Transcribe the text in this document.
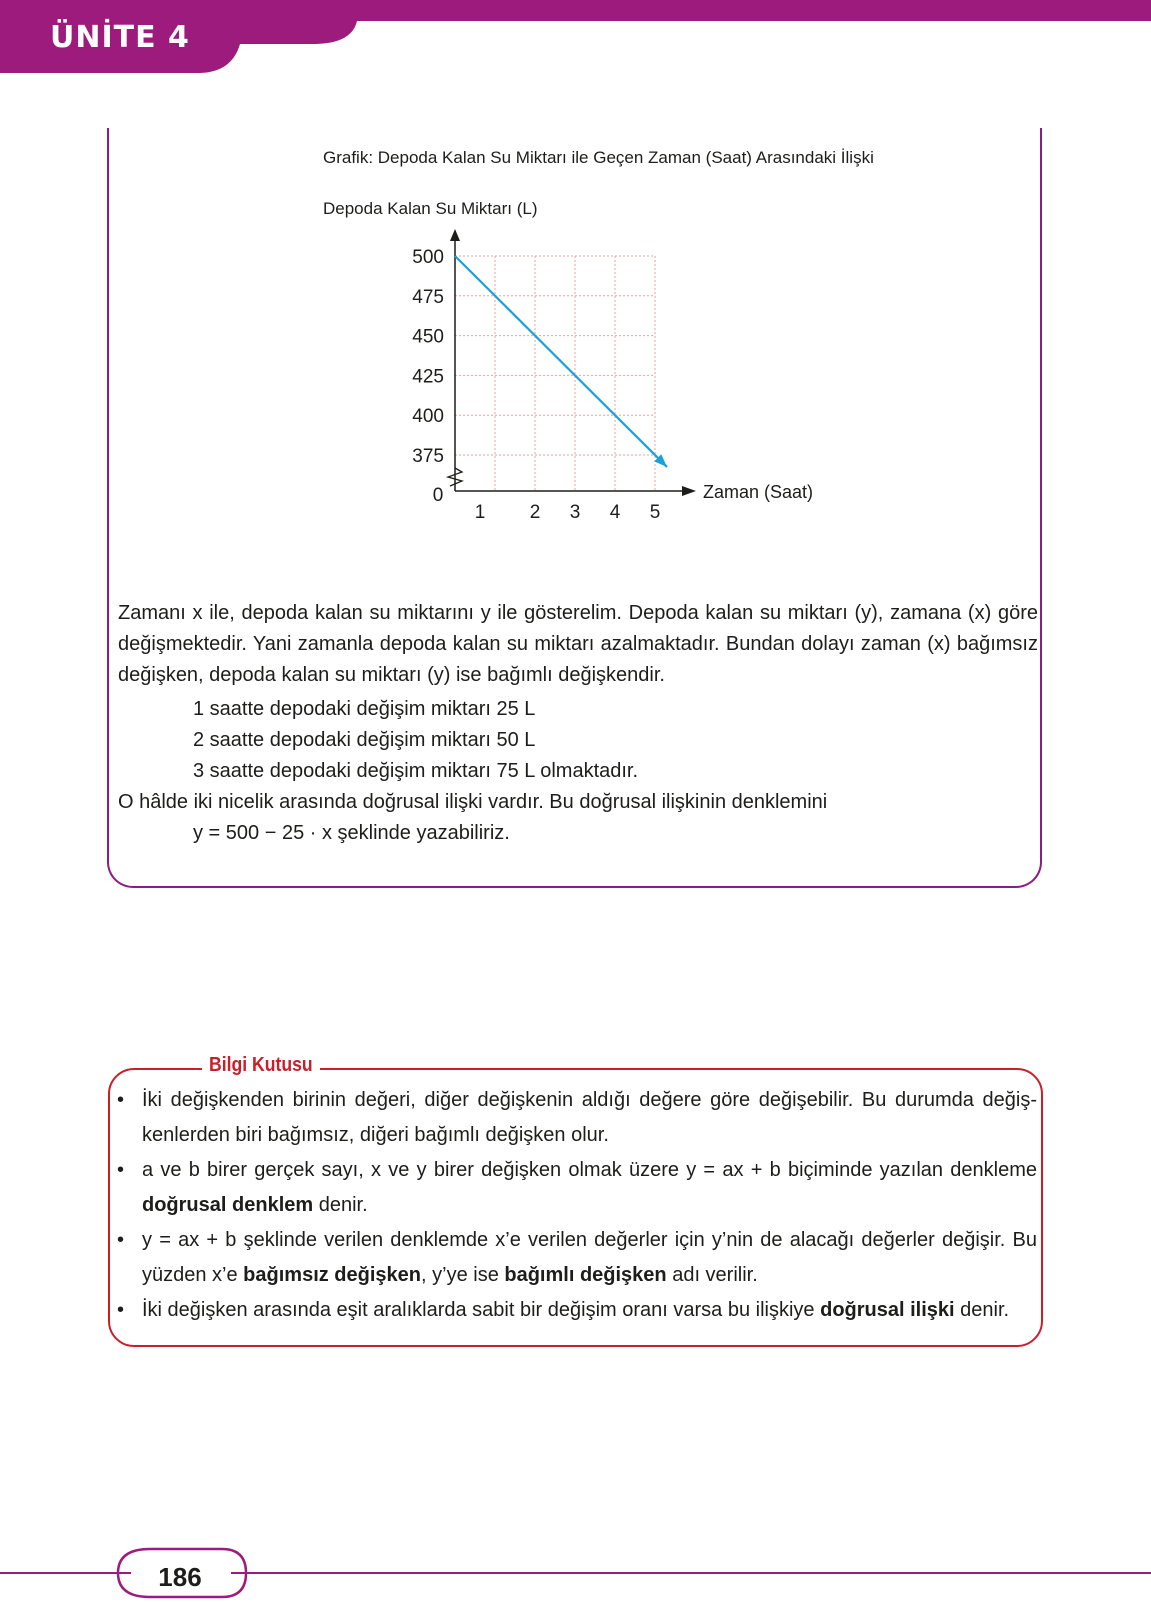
ÜNİTE 4
Grafik: Depoda Kalan Su Miktarı ile Geçen Zaman (Saat) Arasındaki İlişki
Depoda Kalan Su Miktarı (L)
375
400
425
450
475
500
1 2 3 4 5
Zaman (Saat)
0

Zamanı x ile, depoda kalan su miktarını y ile gösterelim. Depoda kalan su miktarı (y), zamana (x) göre değişmektedir. Yani zamanla depoda kalan su miktarı azalmaktadır. Bundan dolayı zaman (x) bağımsız değişken, depoda kalan su miktarı (y) ise bağımlı değişkendir.

1 saatte depodaki değişim miktarı 25 L
2 saatte depodaki değişim miktarı 50 L
3 saatte depodaki değişim miktarı 75 L olmaktadır.
O hâlde iki nicelik arasında doğrusal ilişki vardır. Bu doğrusal ilişkinin denklemini
y = 500 − 25 · x şeklinde yazabiliriz.
Bilgi Kutusu
• İki değişkenden birinin değeri, diğer değişkenin aldığı değere göre değişebilir. Bu durumda değişkenlerden biri bağımsız, diğeri bağımlı değişken olur.
• a ve b birer gerçek sayı, x ve y birer değişken olmak üzere y = ax + b biçiminde yazılan denkleme doğrusal denklem denir.
• y = ax + b şeklinde verilen denklemde x’e verilen değerler için y’nin de alacağı değerler değişir. Bu yüzden x’e bağımsız değişken, y’ye ise bağımlı değişken adı verilir.
• İki değişken arasında eşit aralıklarda sabit bir değişim oranı varsa bu ilişkiye doğrusal ilişki denir.
186
